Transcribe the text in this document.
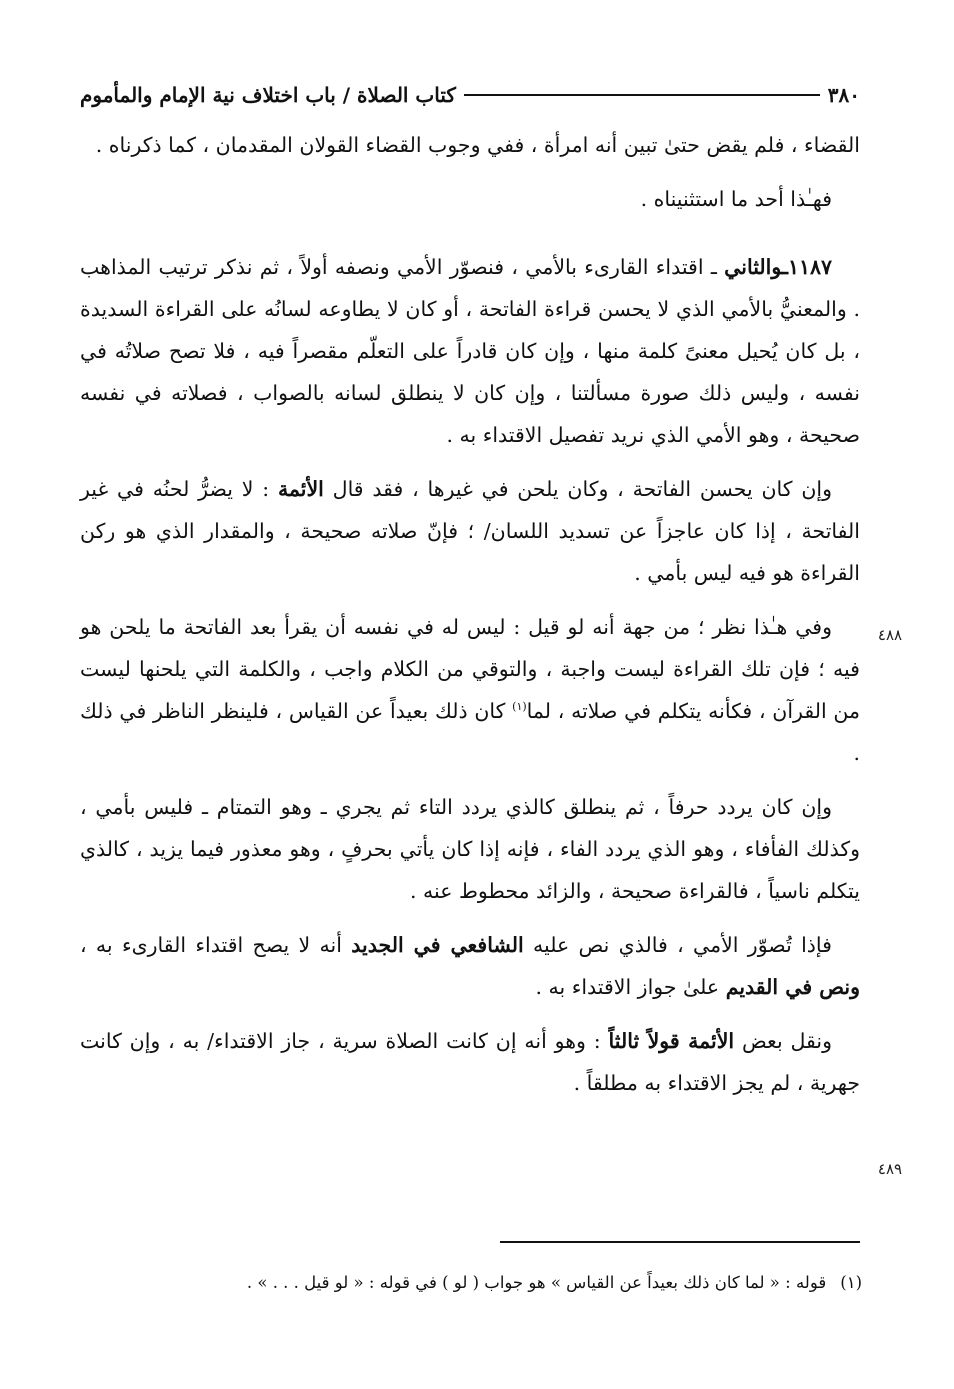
٣٨٠
كتاب الصلاة / باب اختلاف نية الإمام والمأموم

القضاء ، فلم يقض حتىٰ تبين أنه امرأة ، ففي وجوب القضاء القولان المقدمان ، كما ذكرناه .

فهـٰذا أحد ما استثنيناه .

١١٨٧ـوالثاني ـ اقتداء القارىء بالأمي ، فنصوّر الأمي ونصفه أولاً ، ثم نذكر ترتيب المذاهب . والمعنيُّ بالأمي الذي لا يحسن قراءة الفاتحة ، أو كان لا يطاوعه لسانُه على القراءة السديدة ، بل كان يُحيل معنىً كلمة منها ، وإن كان قادراً على التعلّم مقصراً فيه ، فلا تصح صلاتُه في نفسه ، وليس ذلك صورة مسألتنا ، وإن كان لا ينطلق لسانه بالصواب ، فصلاته في نفسه صحيحة ، وهو الأمي الذي نريد تفصيل الاقتداء به .

وإن كان يحسن الفاتحة ، وكان يلحن في غيرها ، فقد قال الأئمة : لا يضرُّ لحنُه في غير الفاتحة ، إذا كان عاجزاً عن تسديد اللسان/ ؛ فإنّ صلاته صحيحة ، والمقدار الذي هو ركن القراءة هو فيه ليس بأمي .

وفي هـٰذا نظر ؛ من جهة أنه لو قيل : ليس له في نفسه أن يقرأ بعد الفاتحة ما يلحن هو فيه ؛ فإن تلك القراءة ليست واجبة ، والتوقي من الكلام واجب ، والكلمة التي يلحنها ليست من القرآن ، فكأنه يتكلم في صلاته ، لما$^{(١)}$ كان ذلك بعيداً عن القياس ، فلينظر الناظر في ذلك .

وإن كان يردد حرفاً ، ثم ينطلق كالذي يردد التاء ثم يجري ـ وهو التمتام ـ فليس بأمي ، وكذلك الفأفاء ، وهو الذي يردد الفاء ، فإنه إذا كان يأتي بحرفٍ ، وهو معذور فيما يزيد ، كالذي يتكلم ناسياً ، فالقراءة صحيحة ، والزائد محطوط عنه .

فإذا تُصوّر الأمي ، فالذي نص عليه الشافعي في الجديد أنه لا يصح اقتداء القارىء به ، ونص في القديم علىٰ جواز الاقتداء به .

ونقل بعض الأئمة قولاً ثالثاً : وهو أنه إن كانت الصلاة سرية ، جاز الاقتداء/ به ، وإن كانت جهرية ، لم يجز الاقتداء به مطلقاً .

٤٨٨
٤٨٩
(١)قوله : « لما كان ذلك بعيداً عن القياس » هو جواب ( لو ) في قوله : « لو قيل . . . » .
